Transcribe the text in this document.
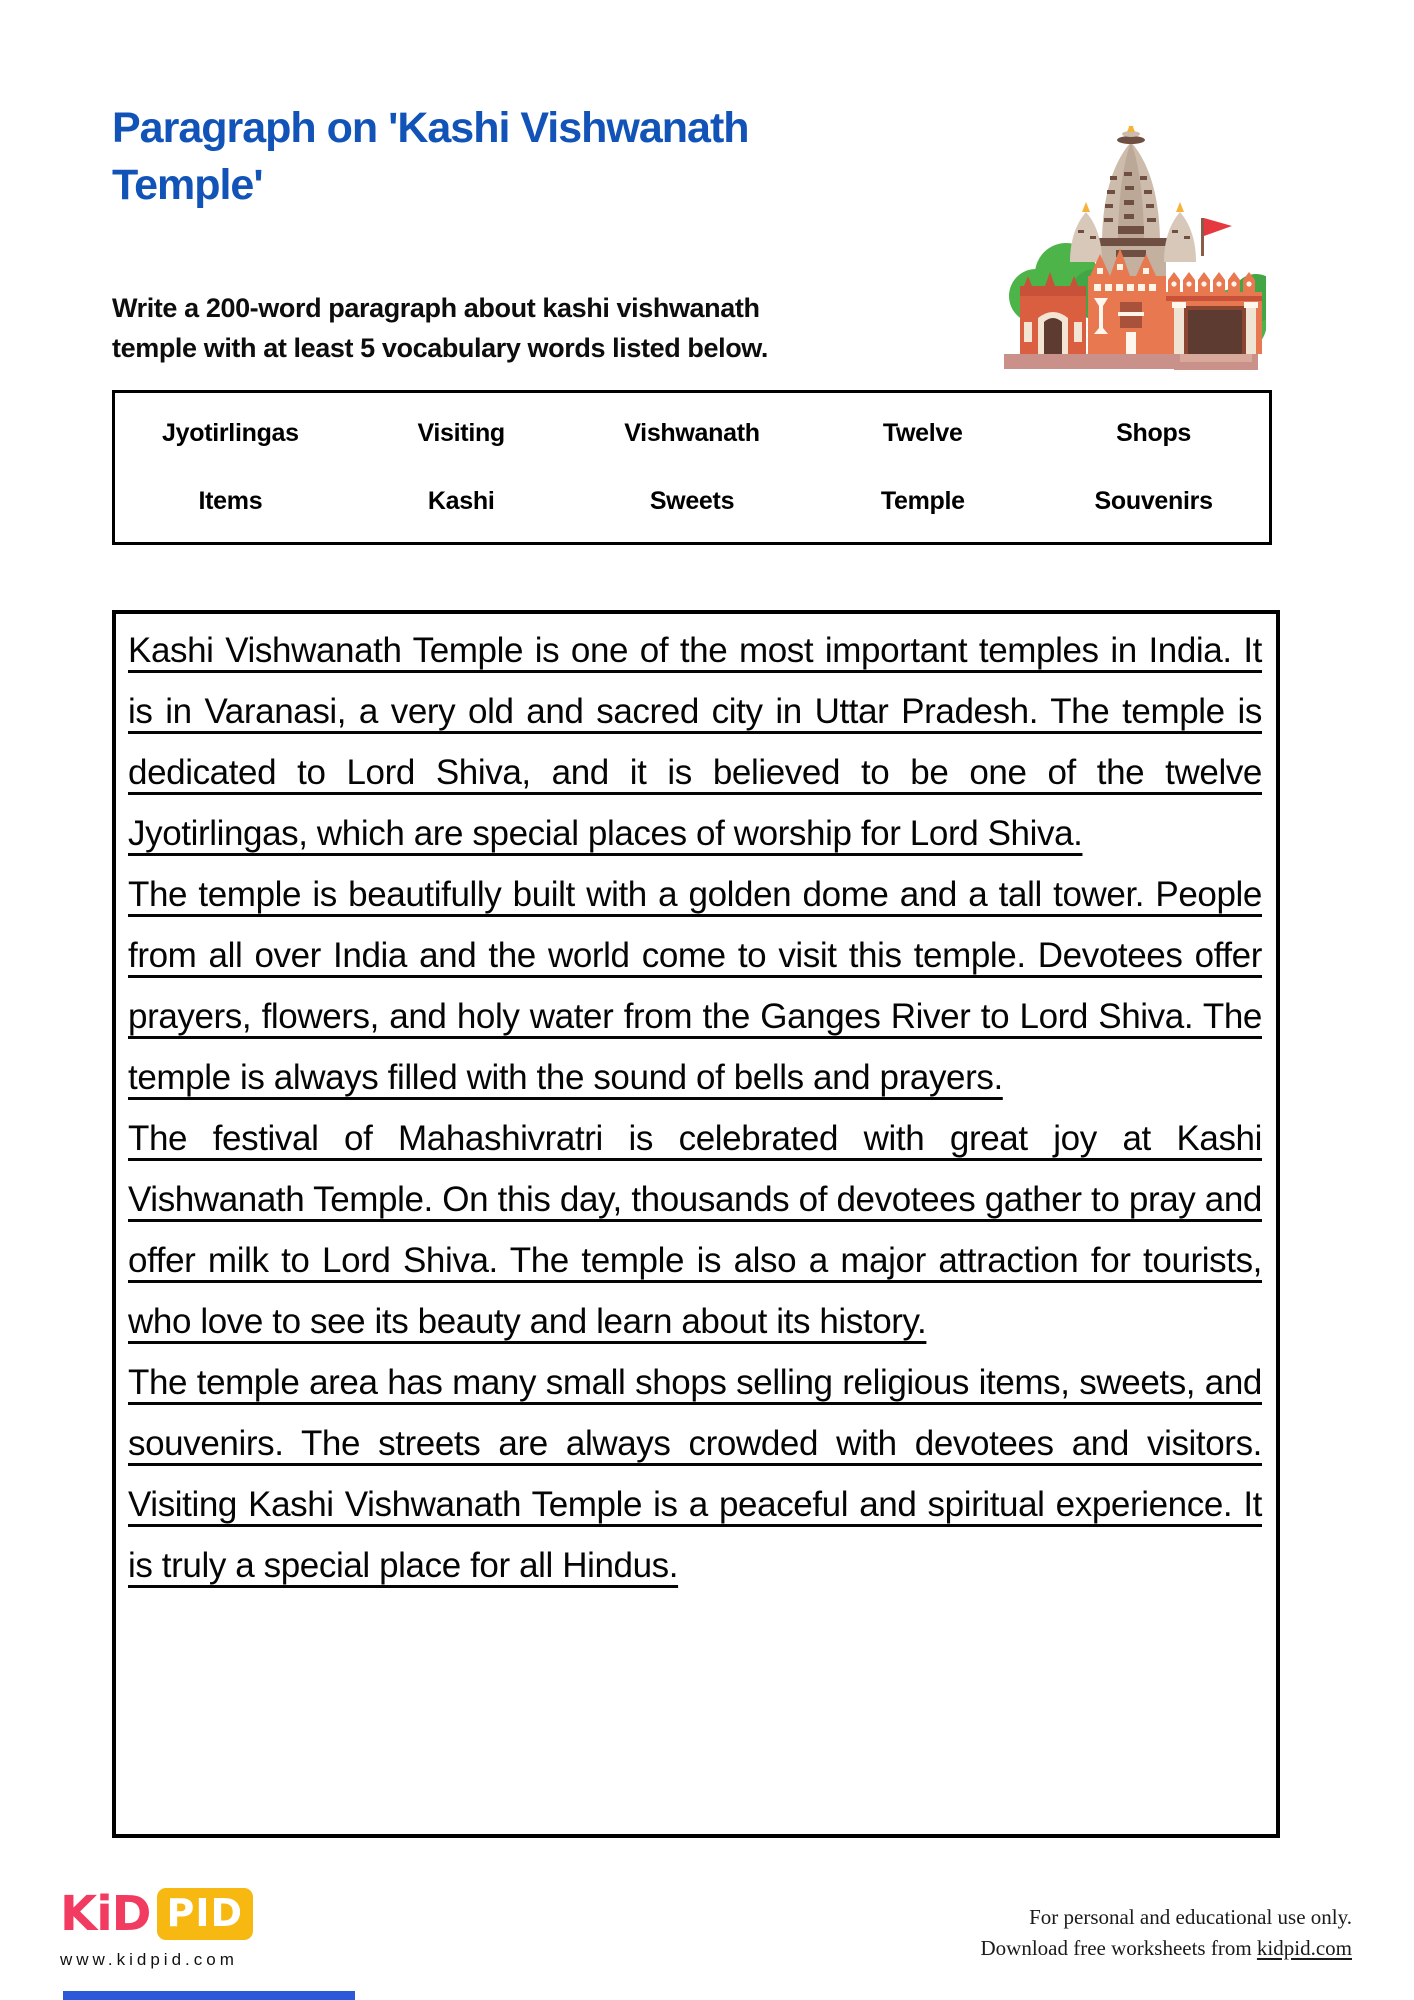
Paragraph on 'Kashi Vishwanath Temple'
Write a 200-word paragraph about kashi vishwanath
temple with at least 5 vocabulary words listed below.
Jyotirlingas	Visiting	Vishwanath	Twelve	Shops
Items	Kashi	Sweets	Temple	Souvenirs

Kashi Vishwanath Temple is one of the most important temples in India. It is in Varanasi, a very old and sacred city in Uttar Pradesh. The temple is dedicated to Lord Shiva, and it is believed to be one of the twelve Jyotirlingas, which are special places of worship for Lord Shiva.

The temple is beautifully built with a golden dome and a tall tower. People from all over India and the world come to visit this temple. Devotees offer prayers, flowers, and holy water from the Ganges River to Lord Shiva. The temple is always filled with the sound of bells and prayers.

The festival of Mahashivratri is celebrated with great joy at Kashi Vishwanath Temple. On this day, thousands of devotees gather to pray and offer milk to Lord Shiva. The temple is also a major attraction for tourists, who love to see its beauty and learn about its history.

The temple area has many small shops selling religious items, sweets, and souvenirs. The streets are always crowded with devotees and visitors. Visiting Kashi Vishwanath Temple is a peaceful and spiritual experience. It is truly a special place for all Hindus.

KiD PID
www.kidpid.com
For personal and educational use only.
Download free worksheets from kidpid.com
